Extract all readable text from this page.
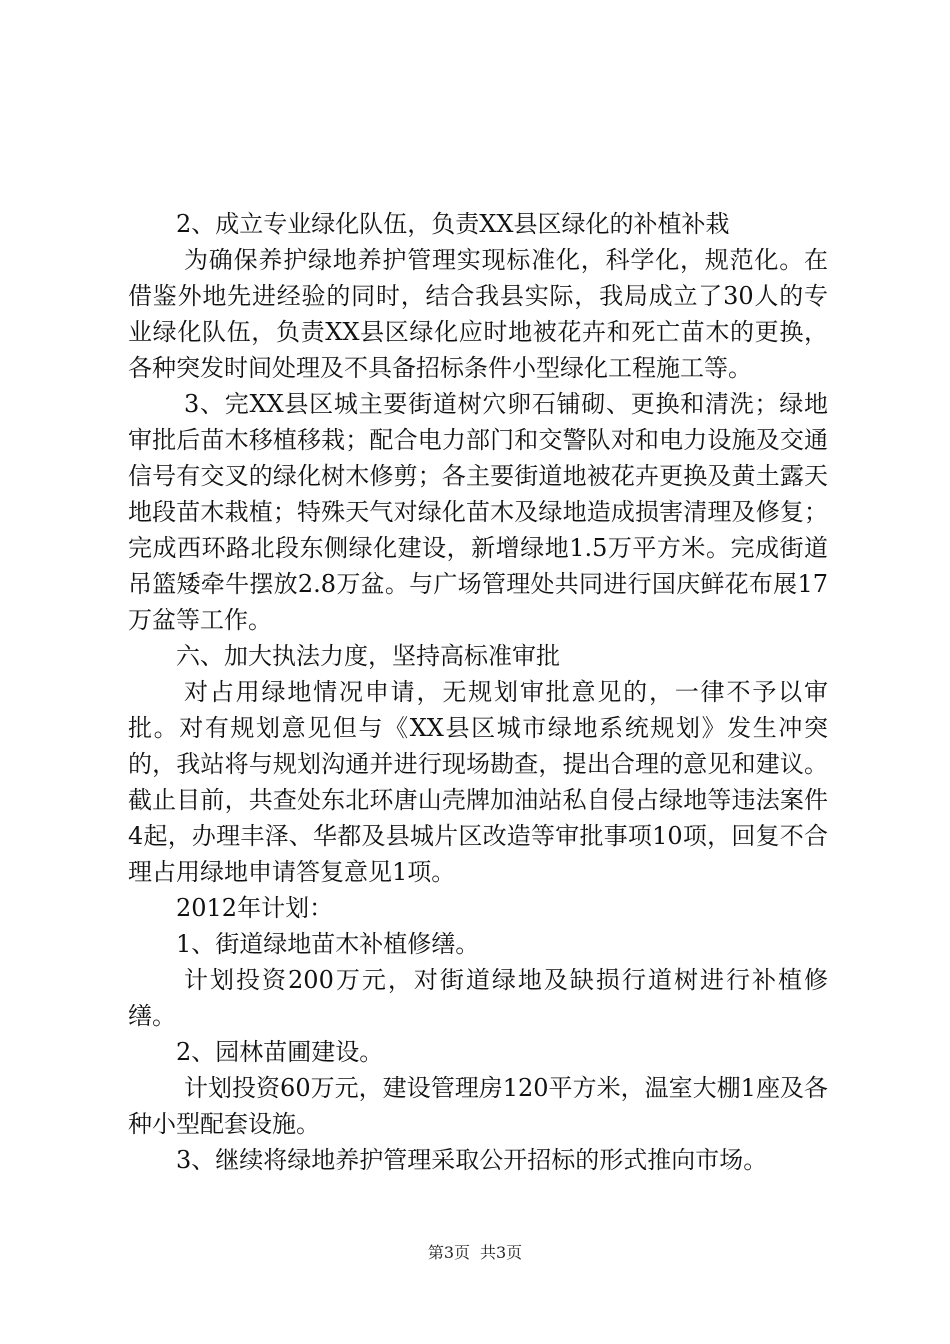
2、成立专业绿化队伍，负责XX县区绿化的补植补栽

为确保养护绿地养护管理实现标准化，科学化，规范化。在借鉴外地先进经验的同时，结合我县实际，我局成立了30人的专业绿化队伍，负责XX县区绿化应时地被花卉和死亡苗木的更换，各种突发时间处理及不具备招标条件小型绿化工程施工等。

3、完XX县区城主要街道树穴卵石铺砌、更换和清洗；绿地审批后苗木移植移栽；配合电力部门和交警队对和电力设施及交通信号有交叉的绿化树木修剪；各主要街道地被花卉更换及黄土露天地段苗木栽植；特殊天气对绿化苗木及绿地造成损害清理及修复；完成西环路北段东侧绿化建设，新增绿地1.5万平方米。完成街道吊篮矮牵牛摆放2.8万盆。与广场管理处共同进行国庆鲜花布展17万盆等工作。

六、加大执法力度，坚持高标准审批

对占用绿地情况申请，无规划审批意见的，一律不予以审批。对有规划意见但与《XX县区城市绿地系统规划》发生冲突的，我站将与规划沟通并进行现场勘查，提出合理的意见和建议。截止目前，共查处东北环唐山壳牌加油站私自侵占绿地等违法案件4起，办理丰泽、华都及县城片区改造等审批事项10项，回复不合理占用绿地申请答复意见1项。

2012年计划：

1、街道绿地苗木补植修缮。

计划投资200万元，对街道绿地及缺损行道树进行补植修缮。

2、园林苗圃建设。

计划投资60万元，建设管理房120平方米，温室大棚1座及各种小型配套设施。

3、继续将绿地养护管理采取公开招标的形式推向市场。

第3页 共3页
